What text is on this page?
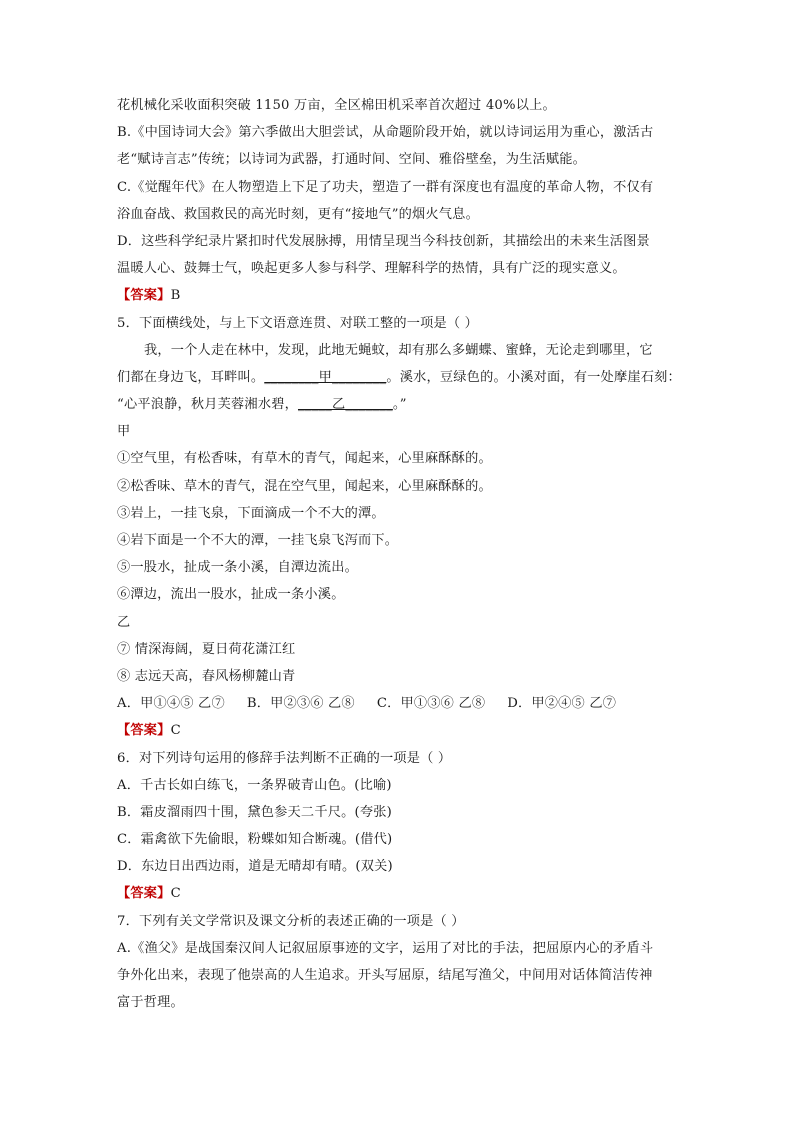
花机械化采收面积突破 1150 万亩，全区棉田机采率首次超过 40%以上。
B.《中国诗词大会》第六季做出大胆尝试，从命题阶段开始，就以诗词运用为重心，激活古
老“赋诗言志”传统；以诗词为武器，打通时间、空间、雅俗壁垒，为生活赋能。
C.《觉醒年代》在人物塑造上下足了功夫，塑造了一群有深度也有温度的革命人物，不仅有
浴血奋战、救国救民的高光时刻，更有“接地气”的烟火气息。
D．这些科学纪录片紧扣时代发展脉搏，用情呈现当今科技创新，其描绘出的未来生活图景
温暖人心、鼓舞士气，唤起更多人参与科学、理解科学的热情，具有广泛的现实意义。
【答案】B
5．下面横线处，与上下文语意连贯、对联工整的一项是（ ）
我，一个人走在林中，发现，此地无蝇蚊，却有那么多蝴蝶、蜜蜂，无论走到哪里，它
们都在身边飞，耳畔叫。________甲________。溪水，豆绿色的。小溪对面，有一处摩崖石刻：
“心平浪静，秋月芙蓉湘水碧，_____乙_______。”
甲
①空气里，有松香味，有草木的青气，闻起来，心里麻酥酥的。
②松香味、草木的青气，混在空气里，闻起来，心里麻酥酥的。
③岩上，一挂飞泉，下面滴成一个不大的潭。
④岩下面是一个不大的潭，一挂飞泉飞泻而下。
⑤一股水，扯成一条小溪，自潭边流出。
⑥潭边，流出一股水，扯成一条小溪。
乙
⑦ 情深海阔，夏日荷花潇江红
⑧ 志远天高，春风杨柳麓山青
A．甲①④⑤ 乙⑦ B．甲②③⑥ 乙⑧ C．甲①③⑥ 乙⑧ D．甲②④⑤ 乙⑦
【答案】C
6．对下列诗句运用的修辞手法判断不正确的一项是（ ）
A．千古长如白练飞，一条界破青山色。(比喻)
B．霜皮溜雨四十围，黛色参天二千尺。(夸张)
C．霜禽欲下先偷眼，粉蝶如知合断魂。(借代)
D．东边日出西边雨，道是无晴却有晴。(双关)
【答案】C
7．下列有关文学常识及课文分析的表述正确的一项是（ ）
A.《渔父》是战国秦汉间人记叙屈原事迹的文字，运用了对比的手法，把屈原内心的矛盾斗
争外化出来，表现了他崇高的人生追求。开头写屈原，结尾写渔父，中间用对话体简洁传神
富于哲理。
